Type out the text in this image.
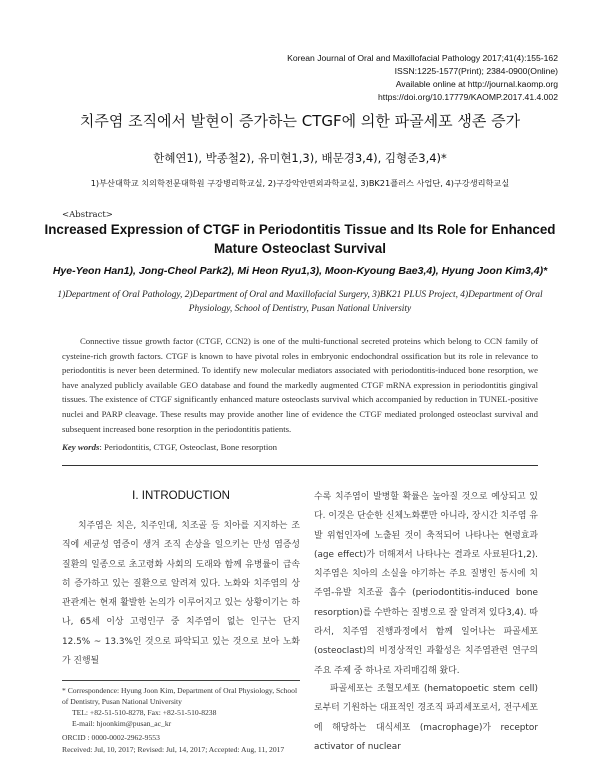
Korean Journal of Oral and Maxillofacial Pathology 2017;41(4):155-162
ISSN:1225-1577(Print); 2384-0900(Online)
Available online at http://journal.kaomp.org
https://doi.org/10.17779/KAOMP.2017.41.4.002
치주염 조직에서 발현이 증가하는 CTGF에 의한 파골세포 생존 증가
한혜연1), 박종철2), 유미현1,3), 배문경3,4), 김형준3,4)*
1)부산대학교 치의학전문대학원 구강병리학교실, 2)구강악안면외과학교실, 3)BK21플러스 사업단, 4)구강생리학교실
<Abstract>
Increased Expression of CTGF in Periodontitis Tissue and Its Role for Enhanced Mature Osteoclast Survival
Hye-Yeon Han1), Jong-Cheol Park2), Mi Heon Ryu1,3), Moon-Kyoung Bae3,4), Hyung Joon Kim3,4)*
1)Department of Oral Pathology, 2)Department of Oral and Maxillofacial Surgery, 3)BK21 PLUS Project, 4)Department of Oral Physiology, School of Dentistry, Pusan National University

Connective tissue growth factor (CTGF, CCN2) is one of the multi-functional secreted proteins which belong to CCN family of cysteine-rich growth factors. CTGF is known to have pivotal roles in embryonic endochondral ossification but its role in relevance to periodontitis is never been determined. To identify new molecular mediators associated with periodontitis-induced bone resorption, we have analyzed publicly available GEO database and found the markedly augmented CTGF mRNA expression in periodontitis gingival tissues. The existence of CTGF significantly enhanced mature osteoclasts survival which accompanied by reduction in TUNEL-positive nuclei and PARP cleavage. These results may provide another line of evidence the CTGF mediated prolonged osteoclast survival and subsequent increased bone resorption in the periodontitis patients.

Key words: Periodontitis, CTGF, Osteoclast, Bone resorption
Ⅰ. INTRODUCTION

치주염은 치은, 치주인대, 치조골 등 치아를 지지하는 조직에 세균성 염증이 생겨 조직 손상을 일으키는 만성 염증성 질환의 일종으로 초고령화 사회의 도래와 함께 유병률이 급속히 증가하고 있는 질환으로 알려져 있다. 노화와 치주염의 상관관계는 현재 활발한 논의가 이루어지고 있는 상황이기는 하나, 65세 이상 고령인구 중 치주염이 없는 인구는 단지 12.5% ~ 13.3%인 것으로 파악되고 있는 것으로 보아 노화가 진행될

* Correspondence: Hyung Joon Kim, Department of Oral Physiology, School of Dentistry, Pusan National University
TEL: +82-51-510-8278, Fax: +82-51-510-8238
E-mail: hjoonkim@pusan_ac_kr
ORCID : 0000-0002-2962-9553
Received: Jul, 10, 2017; Revised: Jul, 14, 2017; Accepted: Aug, 11, 2017

수록 치주염이 발병할 확률은 높아질 것으로 예상되고 있다. 이것은 단순한 신체노화뿐만 아니라, 장시간 치주염 유발 위험인자에 노출된 것이 축적되어 나타나는 현령효과 (age effect)가 더해져서 나타나는 결과로 사료된다1,2). 치주염은 치아의 소실을 야기하는 주요 질병인 동시에 치주염-유발 치조골 흡수 (periodontitis-induced bone resorption)를 수반하는 질병으로 잘 알려져 있다3,4). 따라서, 치주염 진행과정에서 함께 일어나는 파골세포 (osteoclast)의 비정상적인 과활성은 치주염관련 연구의 주요 주제 중 하나로 자리매김해 왔다.

파골세포는 조혈모세포 (hematopoetic stem cell)로부터 기원하는 대표적인 경조직 파괴세포로서, 전구세포에 해당하는 대식세포 (macrophage)가 receptor activator of nuclear
